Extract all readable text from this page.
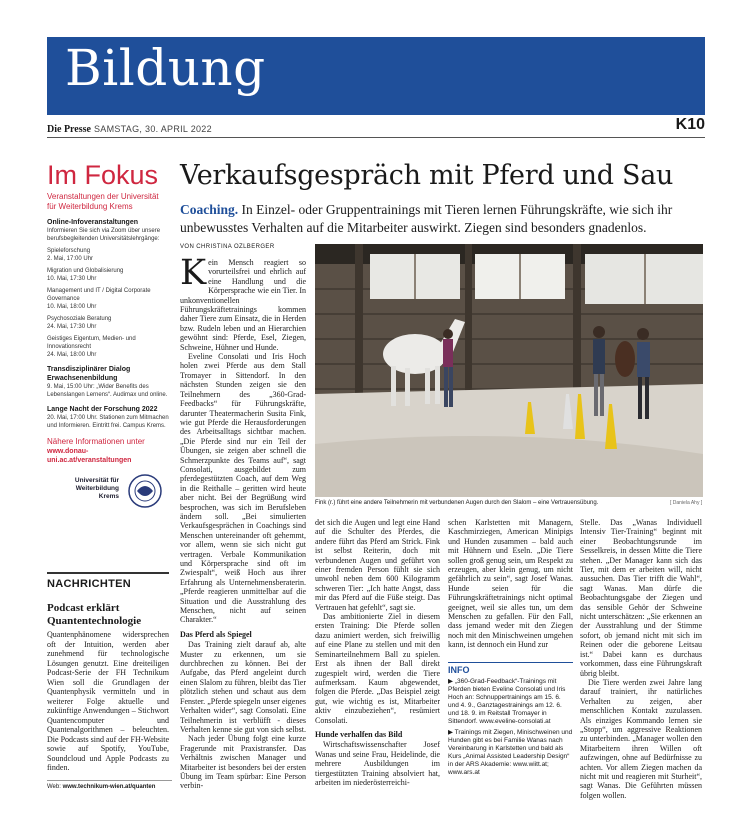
Bildung
Die Presse SAMSTAG, 30. APRIL 2022	K10
Im Fokus
Veranstaltungen der Universität für Weiterbildung Krems
Online-Infoveranstaltungen
Informieren Sie sich via Zoom über unsere berufsbegleitenden Universitätslehrgänge:
Spieleforschung
2. Mai, 17:00 Uhr
Migration und Globalisierung
10. Mai, 17:30 Uhr
Management und IT / Digital Corporate Governance
10. Mai, 18:00 Uhr
Psychosoziale Beratung
24. Mai, 17:30 Uhr
Geistiges Eigentum, Medien- und Innovationsrecht
24. Mai, 18:00 Uhr
Transdisziplinärer Dialog Erwachsenenbildung
9. Mai, 15:00 Uhr: „Wider Benefits des Lebenslangen Lernens“. Audimax und online.
Lange Nacht der Forschung 2022
20. Mai, 17:00 Uhr. Stationen zum Mitmachen und Informieren. Eintritt frei. Campus Krems.
Nähere Informationen unter
www.donau-uni.ac.at/veranstaltungen
Universität für Weiterbildung Krems
NACHRICHTEN
Podcast erklärt Quantentechnologie
Quantenphänomene widersprechen oft der Intuition, werden aber zunehmend für technologische Lösungen genutzt. Eine dreiteiligen Podcast-Serie der FH Technikum Wien soll die Grundlagen der Quantenphysik vermitteln und in weiterer Folge aktuelle und zukünftige Anwendungen – Stichwort Quantencomputer und Quantenalgorithmen – beleuchten. Die Podcasts sind auf der FH-Website sowie auf Spotify, YouTube, Soundcloud und Apple Podcasts zu finden.
Web: www.technikum-wien.at/quanten
Verkaufsgespräch mit Pferd und Sau
Coaching. In Einzel- oder Gruppentrainings mit Tieren lernen Führungskräfte, wie sich ihr unbewusstes Verhalten auf die Mitarbeiter auswirkt. Ziegen sind besonders gnadenlos.
VON CHRISTINA OZLBERGER
K ein Mensch reagiert so vorurteilsfrei und ehrlich auf eine Handlung und die Körpersprache wie ein Tier. In unkonventionellen Führungskräftetrainings kommen daher Tiere zum Einsatz, die in Herden bzw. Rudeln leben und an Hierarchien gewöhnt sind: Pferde, Esel, Ziegen, Schweine, Hühner und Hunde.

Eveline Consolati und Iris Hoch holen zwei Pferde aus dem Stall Tromayer in Sittendorf. In den nächsten Stunden zeigen sie den Teilnehmern des „360-Grad-Feedbacks“ für Führungskräfte, darunter Theatermacherin Susita Fink, wie gut Pferde die Herausforderungen des Arbeitsalltags sichtbar machen. „Die Pferde sind nur ein Teil der Übungen, sie zeigen aber schnell die Schmerzpunkte des Teams auf“, sagt Consolati, ausgebildet zum pferdegestützten Coach, auf dem Weg in die Reithalle – geritten wird heute aber nicht. Bei der Begrüßung wird besprochen, was sich im Berufsleben ändern soll. „Bei simulierten Verkaufsgesprächen in Coachings sind Menschen untereinander oft gehemmt, vor allem, wenn sie sich nicht gut vertragen. Verbale Kommunikation und Körpersprache sind oft im Zwiespalt“, weiß Hoch aus ihrer Erfahrung als Unternehmensberaterin. „Pferde reagieren unmittelbar auf die Situation und die Ausstrahlung des Menschen, nicht auf seinen Charakter.“

Das Pferd als Spiegel

Das Training zielt darauf ab, alte Muster zu erkennen, um sie durchbrechen zu können. Bei der Aufgabe, das Pferd angeleint durch einen Slalom zu führen, bleibt das Tier plötzlich stehen und schaut aus dem Fenster. „Pferde spiegeln unser eigenes Verhalten wider“, sagt Consolati. Eine Teilnehmerin ist verblüfft - dieses Verhalten kenne sie gut von sich selbst.

Nach jeder Übung folgt eine kurze Fragerunde mit Praxistransfer. Das Verhältnis zwischen Manager und Mitarbeiter ist besonders bei der ersten Übung im Team spürbar: Eine Person verbin-

Fink (r.) führt eine andere Teilnehmerin mit verbundenen Augen durch den Slalom – eine Vertrauensübung.	[ Daniela Ahy ]

det sich die Augen und legt eine Hand auf die Schulter des Pferdes, die andere führt das Pferd am Strick. Fink ist selbst Reiterin, doch mit verbundenen Augen und geführt von einer fremden Person fühlt sie sich unwohl neben dem 600 Kilogramm schweren Tier: „Ich hatte Angst, dass mir das Pferd auf die Füße steigt. Das Vertrauen hat gefehlt“, sagt sie.

Das ambitionierte Ziel in diesem ersten Training: Die Pferde sollen dazu animiert werden, sich freiwillig auf eine Plane zu stellen und mit den Seminarteilnehmern Ball zu spielen. Erst als ihnen der Ball direkt zugespielt wird, werden die Tiere aufmerksam. Kaum abgewendet, folgen die Pferde. „Das Beispiel zeigt gut, wie wichtig es ist, Mitarbeiter aktiv einzubeziehen“, resümiert Consolati.

Hunde verhalfen das Bild

Wirtschaftswissenschafter Josef Wanas und seine Frau, Heidelinde, die mehrere Ausbildungen im tiergestützten Training absolviert hat, arbeiten im niederösterreichi-

schen Karlstetten mit Managern, Kaschmirziegen, American Minipigs und Hunden zusammen – bald auch mit Hühnern und Eseln. „Die Tiere sollen groß genug sein, um Respekt zu erzeugen, aber klein genug, um nicht gefährlich zu sein“, sagt Josef Wanas. Hunde seien für die Führungskräftetrainings nicht optimal geeignet, weil sie alles tun, um dem Menschen zu gefallen. Für den Fall, dass jemand weder mit den Ziegen noch mit den Minischweinen umgehen kann, ist dennoch ein Hund zur

INFO
▶ „360-Grad-Feedback“-Trainings mit Pferden bieten Eveline Consolati und Iris Hoch an: Schnuppertrainings am 15. 6. und 4. 9., Ganztagestrainings am 12. 6. und 18. 9. im Reitstall Tromayer in Sittendorf. www.eveline-consolati.at
▶ Trainings mit Ziegen, Minischweinen und Hunden gibt es bei Familie Wanas nach Vereinbarung in Karlstetten und bald als Kurs „Animal Assisted Leadership Design“ in der ARS Akademie: www.wiitt.at; www.ars.at

Stelle. Das „Wanas Individuell Intensiv Tier-Training“ beginnt mit einer Beobachtungsrunde im Sesselkreis, in dessen Mitte die Tiere stehen. „Der Manager kann sich das Tier, mit dem er arbeiten will, nicht aussuchen. Das Tier trifft die Wahl“, sagt Wanas. Man dürfe die Beobachtungsgabe der Ziegen und das sensible Gehör der Schweine nicht unterschätzen: „Sie erkennen an der Ausstrahlung und der Stimme sofort, ob jemand nicht mit sich im Reinen oder die geborene Leitsau ist.“ Dabei kann es durchaus vorkommen, dass eine Führungskraft übrig bleibt.

Die Tiere werden zwei Jahre lang darauf trainiert, ihr natürliches Verhalten zu zeigen, aber menschlichen Kontakt zuzulassen. Als einziges Kommando lernen sie „Stopp“, um aggressive Reaktionen zu unterbinden. „Manager wollen den Mitarbeitern ihren Willen oft aufzwingen, ohne auf Bedürfnisse zu achten. Vor allem Ziegen machen da nicht mit und reagieren mit Sturheit“, sagt Wanas. Die Geführten müssen folgen wollen.
